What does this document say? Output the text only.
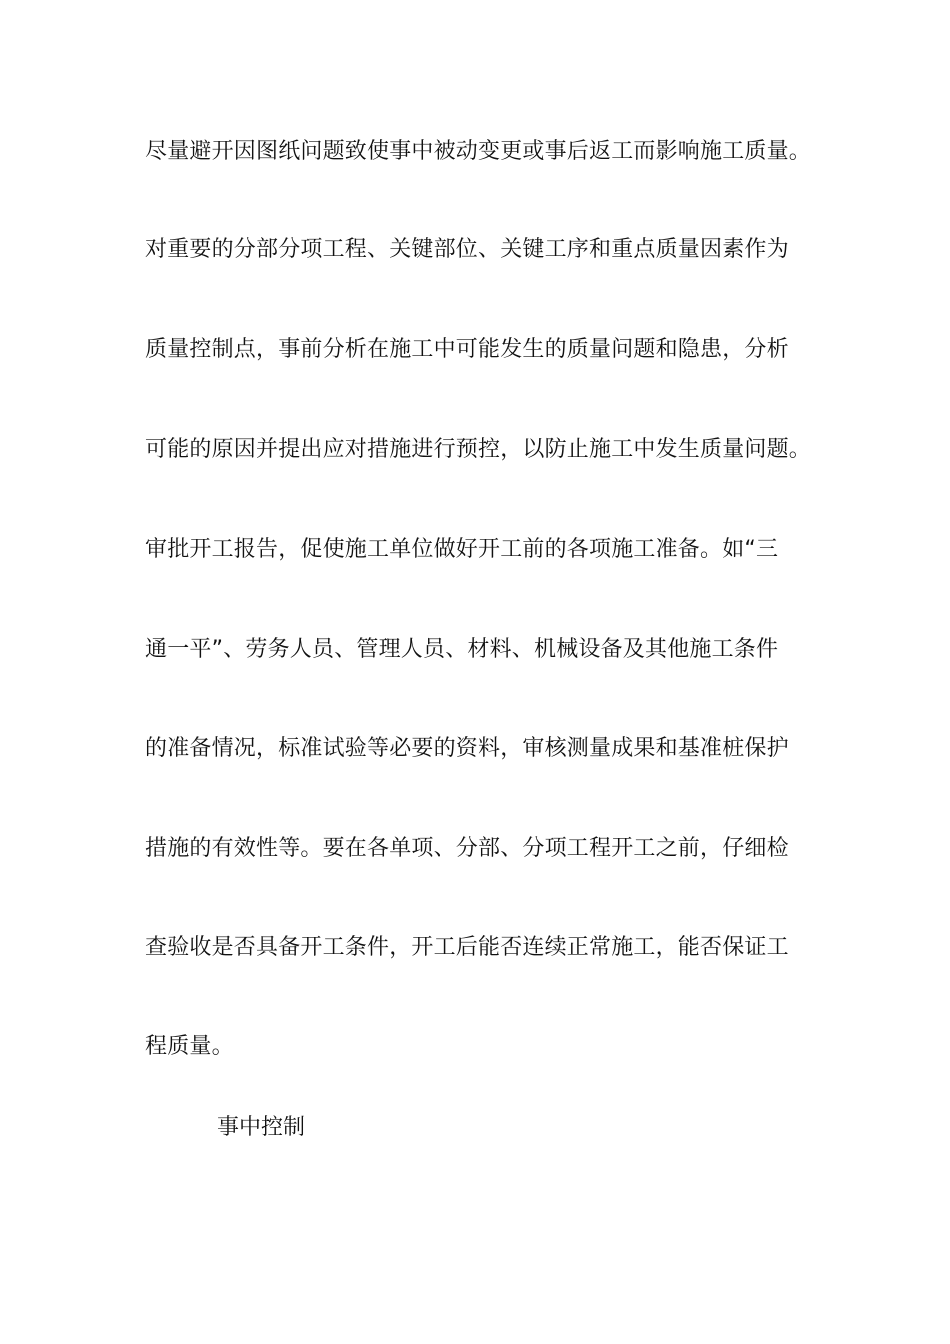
尽量避开因图纸问题致使事中被动变更或事后返工而影响施工质量。
对重要的分部分项工程、关键部位、关键工序和重点质量因素作为
质量控制点，事前分析在施工中可能发生的质量问题和隐患，分析
可能的原因并提出应对措施进行预控，以防止施工中发生质量问题。
审批开工报告，促使施工单位做好开工前的各项施工准备。如“三
通一平”、劳务人员、管理人员、材料、机械设备及其他施工条件
的准备情况，标准试验等必要的资料，审核测量成果和基准桩保护
措施的有效性等。要在各单项、分部、分项工程开工之前，仔细检
查验收是否具备开工条件，开工后能否连续正常施工，能否保证工
程质量。
事中控制
